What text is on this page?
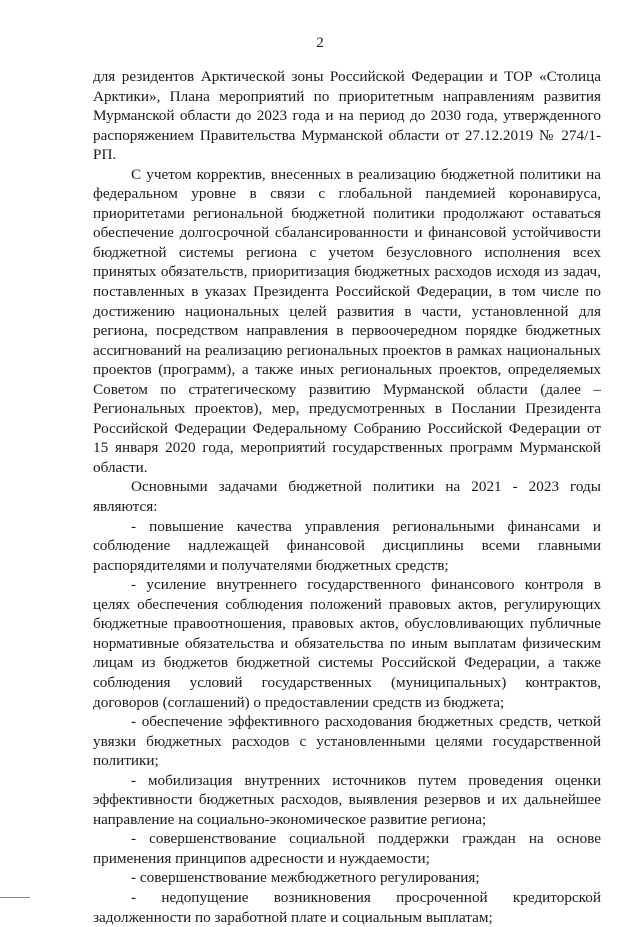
2

для резидентов Арктической зоны Российской Федерации и ТОР «Столица Арктики», Плана мероприятий по приоритетным направлениям развития Мурманской области до 2023 года и на период до 2030 года, утвержденного распоряжением Правительства Мурманской области от 27.12.2019 № 274/1-РП.

С учетом корректив, внесенных в реализацию бюджетной политики на федеральном уровне в связи с глобальной пандемией коронавируса, приоритетами региональной бюджетной политики продолжают оставаться обеспечение долгосрочной сбалансированности и финансовой устойчивости бюджетной системы региона с учетом безусловного исполнения всех принятых обязательств, приоритизация бюджетных расходов исходя из задач, поставленных в указах Президента Российской Федерации, в том числе по достижению национальных целей развития в части, установленной для региона, посредством направления в первоочередном порядке бюджетных ассигнований на реализацию региональных проектов в рамках национальных проектов (программ), а также иных региональных проектов, определяемых Советом по стратегическому развитию Мурманской области (далее – Региональных проектов), мер, предусмотренных в Послании Президента Российской Федерации Федеральному Собранию Российской Федерации от 15 января 2020 года, мероприятий государственных программ Мурманской области.

Основными задачами бюджетной политики на 2021 - 2023 годы являются:

- повышение качества управления региональными финансами и соблюдение надлежащей финансовой дисциплины всеми главными распорядителями и получателями бюджетных средств;

- усиление внутреннего государственного финансового контроля в целях обеспечения соблюдения положений правовых актов, регулирующих бюджетные правоотношения, правовых актов, обусловливающих публичные нормативные обязательства и обязательства по иным выплатам физическим лицам из бюджетов бюджетной системы Российской Федерации, а также соблюдения условий государственных (муниципальных) контрактов, договоров (соглашений) о предоставлении средств из бюджета;

- обеспечение эффективного расходования бюджетных средств, четкой увязки бюджетных расходов с установленными целями государственной политики;

- мобилизация внутренних источников путем проведения оценки эффективности бюджетных расходов, выявления резервов и их дальнейшее направление на социально-экономическое развитие региона;

- совершенствование социальной поддержки граждан на основе применения принципов адресности и нуждаемости;

- совершенствование межбюджетного регулирования;

- недопущение возникновения просроченной кредиторской задолженности по заработной плате и социальным выплатам;
